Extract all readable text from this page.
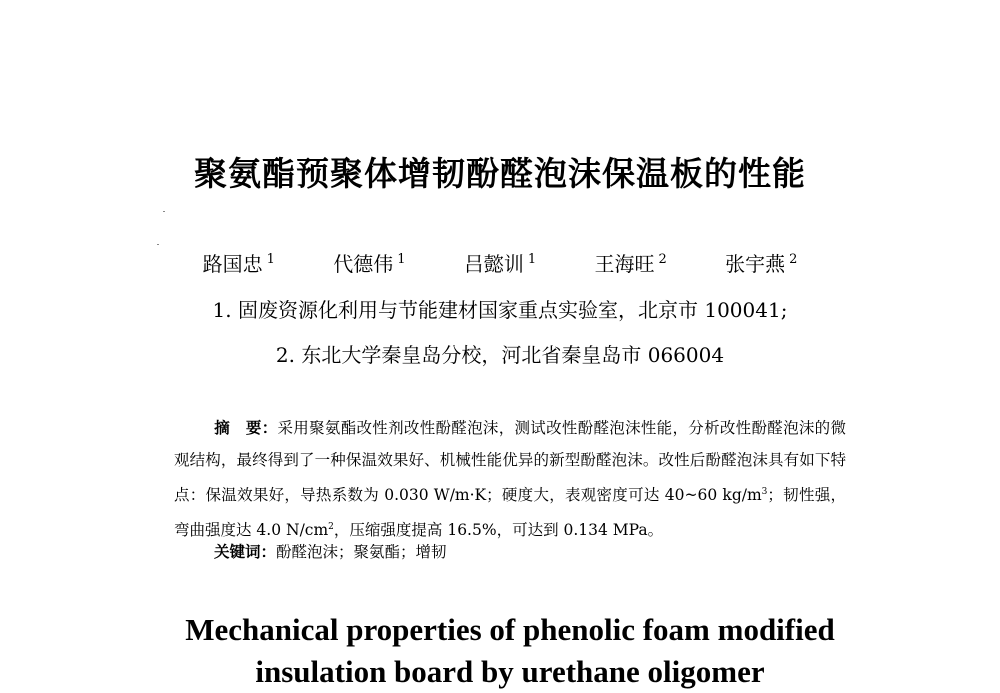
聚氨酯预聚体增韧酚醛泡沫保温板的性能
路国忠 $^1$	代德伟 $^1$	吕懿训 $^1$	王海旺 $^2$	张宇燕 $^2$
1. 固废资源化利用与节能建材国家重点实验室，北京市 100041;
2. 东北大学秦皇岛分校，河北省秦皇岛市 066004
摘　要：采用聚氨酯改性剂改性酚醛泡沫，测试改性酚醛泡沫性能，分析改性酚醛泡沫的微观结构，最终得到了一种保温效果好、机械性能优异的新型酚醛泡沫。改性后酚醛泡沫具有如下特点：保温效果好，导热系数为 0.030 W/m·K；硬度大，表观密度可达 40~60 $kg/m^3$；韧性强，弯曲强度达 4.0 $N/cm^2$，压缩强度提高 16.5%，可达到 0.134 MPa。
关键词：酚醛泡沫；聚氨酯；增韧
Mechanical properties of phenolic foam modified
insulation board by urethane oligomer
